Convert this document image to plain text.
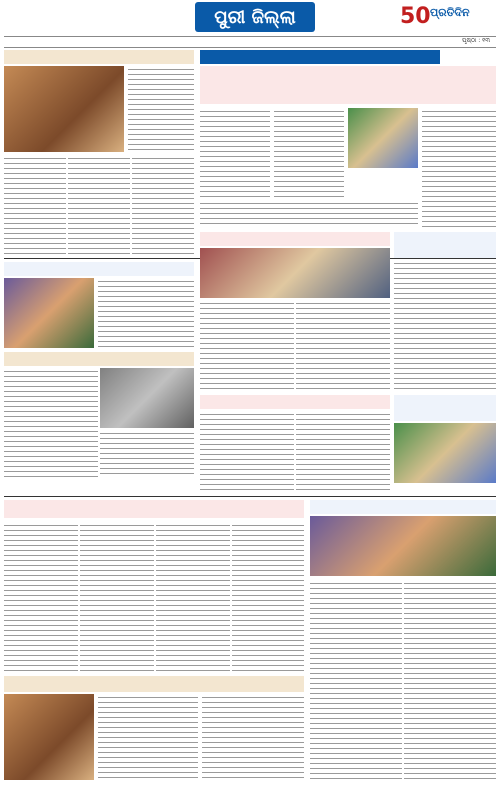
ପୁରୀ ଜିଲ୍ଲା	50 ପ୍ରତିଦିନ
ପୃଷ୍ଠା : ୧୩
